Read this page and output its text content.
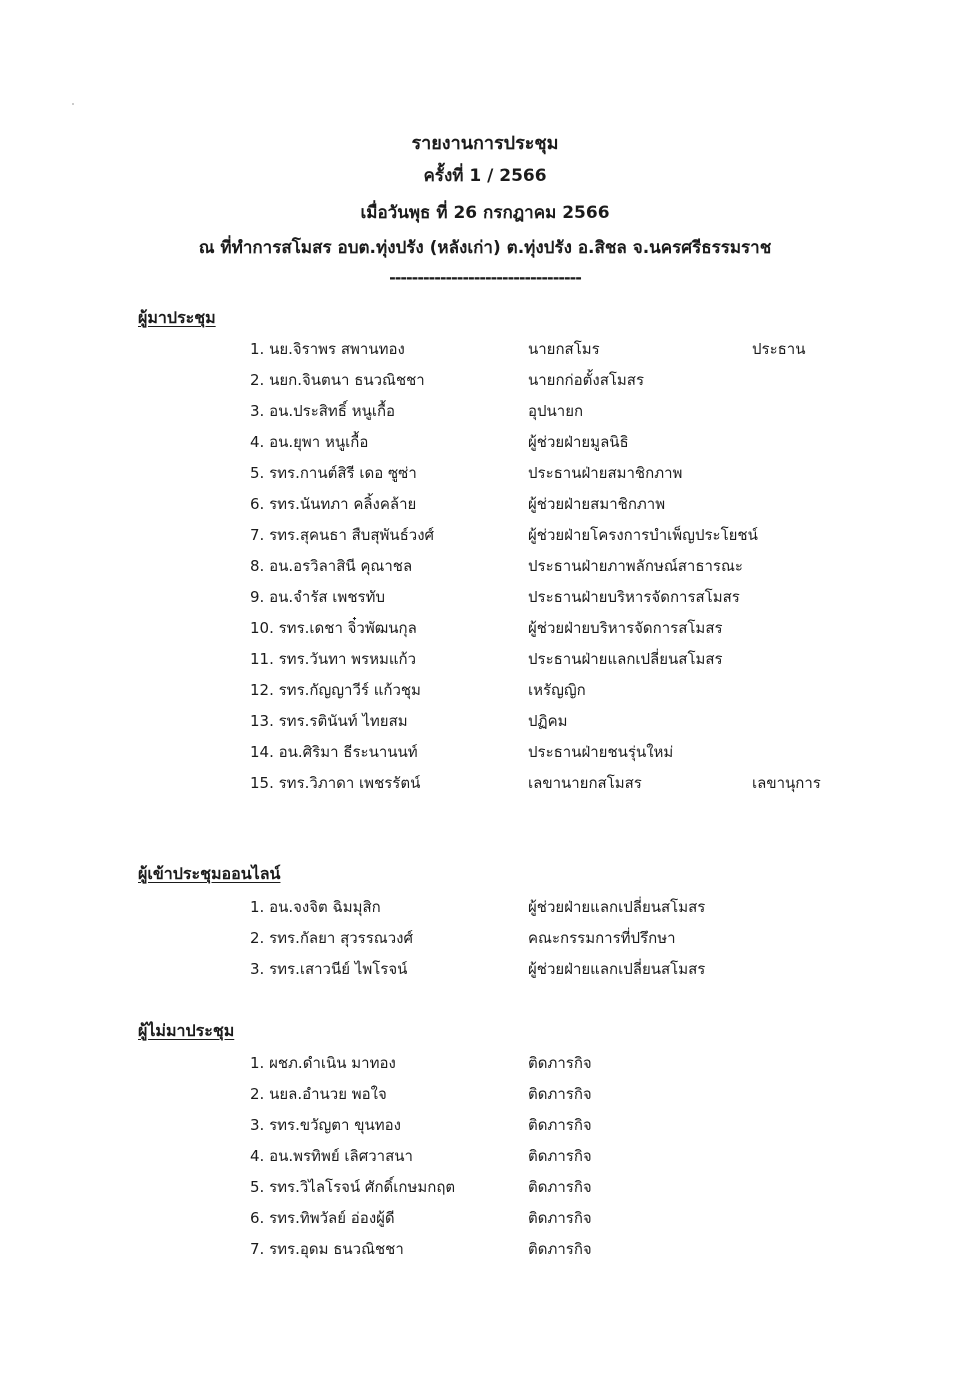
รายงานการประชุม
ครั้งที่ 1 / 2566
เมื่อวันพุธ ที่ 26 กรกฎาคม 2566
ณ ที่ทำการสโมสร อบต.ทุ่งปรัง (หลังเก่า) ต.ทุ่งปรัง อ.สิชล จ.นครศรีธรรมราช
----------------------------------
ผู้มาประชุม
1. นย.จิราพร สพานทอง	นายกสโมร	ประธาน
2. นยก.จินตนา ธนวณิชชา	นายกก่อตั้งสโมสร
3. อน.ประสิทธิ์ หนูเกื้อ	อุปนายก
4. อน.ยุพา หนูเกื้อ	ผู้ช่วยฝ่ายมูลนิธิ
5. รทร.กานต์สิรี เดอ ซูซ่า	ประธานฝ่ายสมาชิกภาพ
6. รทร.นันทภา คลิ้งคล้าย	ผู้ช่วยฝ่ายสมาชิกภาพ
7. รทร.สุคนธา สืบสุพันธ์วงศ์	ผู้ช่วยฝ่ายโครงการบำเพ็ญประโยชน์
8. อน.อรวิลาสินี คุณาชล	ประธานฝ่ายภาพลักษณ์สาธารณะ
9. อน.จำรัส เพชรทับ	ประธานฝ่ายบริหารจัดการสโมสร
10. รทร.เดชา จิ๋วพัฒนกุล	ผู้ช่วยฝ่ายบริหารจัดการสโมสร
11. รทร.วันทา พรหมแก้ว	ประธานฝ่ายแลกเปลี่ยนสโมสร
12. รทร.กัญญาวีร์ แก้วชุม	เหรัญญิก
13. รทร.รตินันท์ ไทยสม	ปฏิคม
14. อน.ศิริมา ธีระนานนท์	ประธานฝ่ายชนรุ่นใหม่
15. รทร.วิภาดา เพชรรัตน์	เลขานายกสโมสร	เลขานุการ
ผู้เข้าประชุมออนไลน์
1. อน.จงจิต ฉิมมุสิก	ผู้ช่วยฝ่ายแลกเปลี่ยนสโมสร
2. รทร.กัลยา สุวรรณวงศ์	คณะกรรมการที่ปรึกษา
3. รทร.เสาวนีย์ ไพโรจน์	ผู้ช่วยฝ่ายแลกเปลี่ยนสโมสร
ผู้ไม่มาประชุม
1. ผชภ.ดำเนิน มาทอง	ติดภารกิจ
2. นยล.อำนวย พอใจ	ติดภารกิจ
3. รทร.ขวัญตา ขุนทอง	ติดภารกิจ
4. อน.พรทิพย์ เลิศวาสนา	ติดภารกิจ
5. รทร.วิไลโรจน์ ศักดิ์เกษมกฤต	ติดภารกิจ
6. รทร.ทิพวัลย์ อ่องผู้ดี	ติดภารกิจ
7. รทร.อุดม ธนวณิชชา	ติดภารกิจ
